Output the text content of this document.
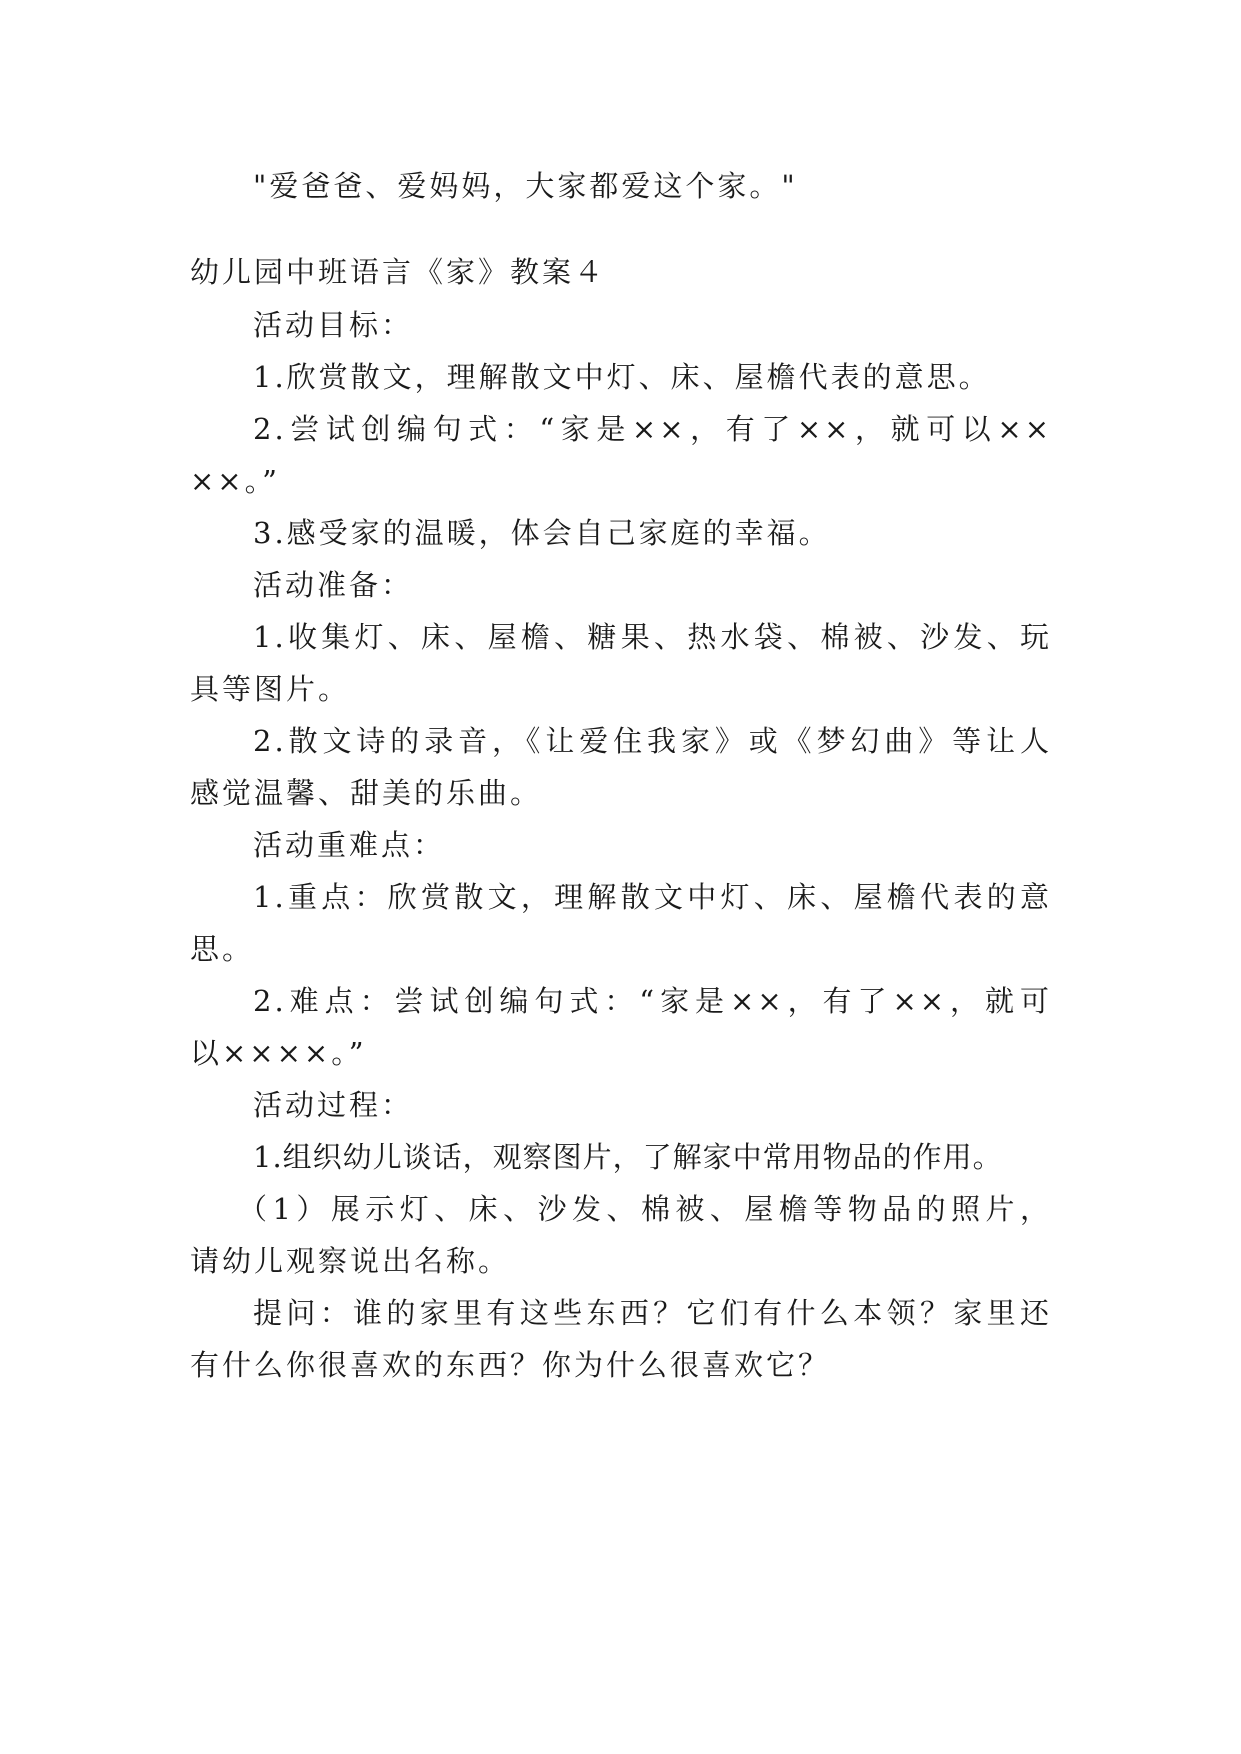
"爱爸爸、爱妈妈，大家都爱这个家。"
幼儿园中班语言《家》教案４
活动目标：
1.欣赏散文，理解散文中灯、床、屋檐代表的意思。
2.尝试创编句式：“家是××，有了××，就可以××
××。”
3.感受家的温暖，体会自己家庭的幸福。
活动准备：
1.收集灯、床、屋檐、糖果、热水袋、棉被、沙发、玩
具等图片。
2.散文诗的录音，《让爱住我家》或《梦幻曲》等让人
感觉温馨、甜美的乐曲。
活动重难点：
1.重点：欣赏散文，理解散文中灯、床、屋檐代表的意
思。
2.难点：尝试创编句式：“家是××，有了××，就可
以××××。”
活动过程：
1.组织幼儿谈话，观察图片，了解家中常用物品的作用。
（1）展示灯、床、沙发、棉被、屋檐等物品的照片，
请幼儿观察说出名称。
提问：谁的家里有这些东西？它们有什么本领？家里还
有什么你很喜欢的东西？你为什么很喜欢它？
